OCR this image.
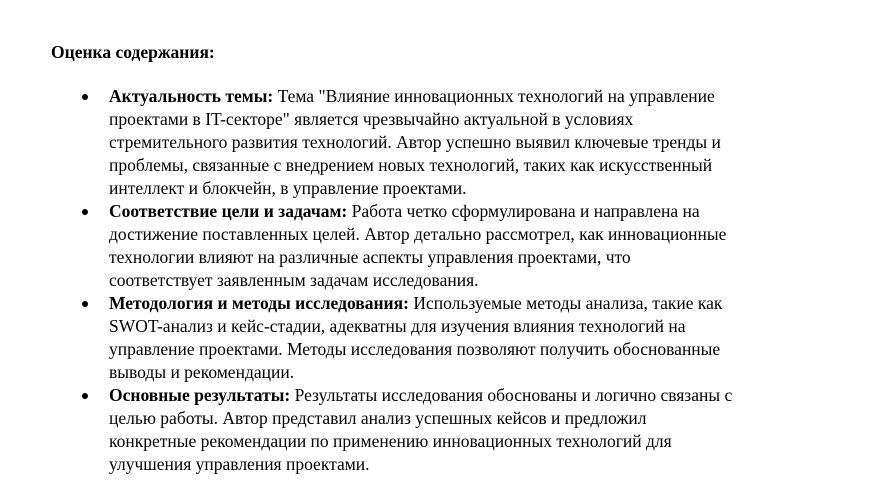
Оценка содержания:
Актуальность темы: Тема "Влияние инновационных технологий на управление
проектами в IT-секторе" является чрезвычайно актуальной в условиях
стремительного развития технологий. Автор успешно выявил ключевые тренды и
проблемы, связанные с внедрением новых технологий, таких как искусственный
интеллект и блокчейн, в управление проектами.
Соответствие цели и задачам: Работа четко сформулирована и направлена на
достижение поставленных целей. Автор детально рассмотрел, как инновационные
технологии влияют на различные аспекты управления проектами, что
соответствует заявленным задачам исследования.
Методология и методы исследования: Используемые методы анализа, такие как
SWOT-анализ и кейс-стадии, адекватны для изучения влияния технологий на
управление проектами. Методы исследования позволяют получить обоснованные
выводы и рекомендации.
Основные результаты: Результаты исследования обоснованы и логично связаны с
целью работы. Автор представил анализ успешных кейсов и предложил
конкретные рекомендации по применению инновационных технологий для
улучшения управления проектами.
